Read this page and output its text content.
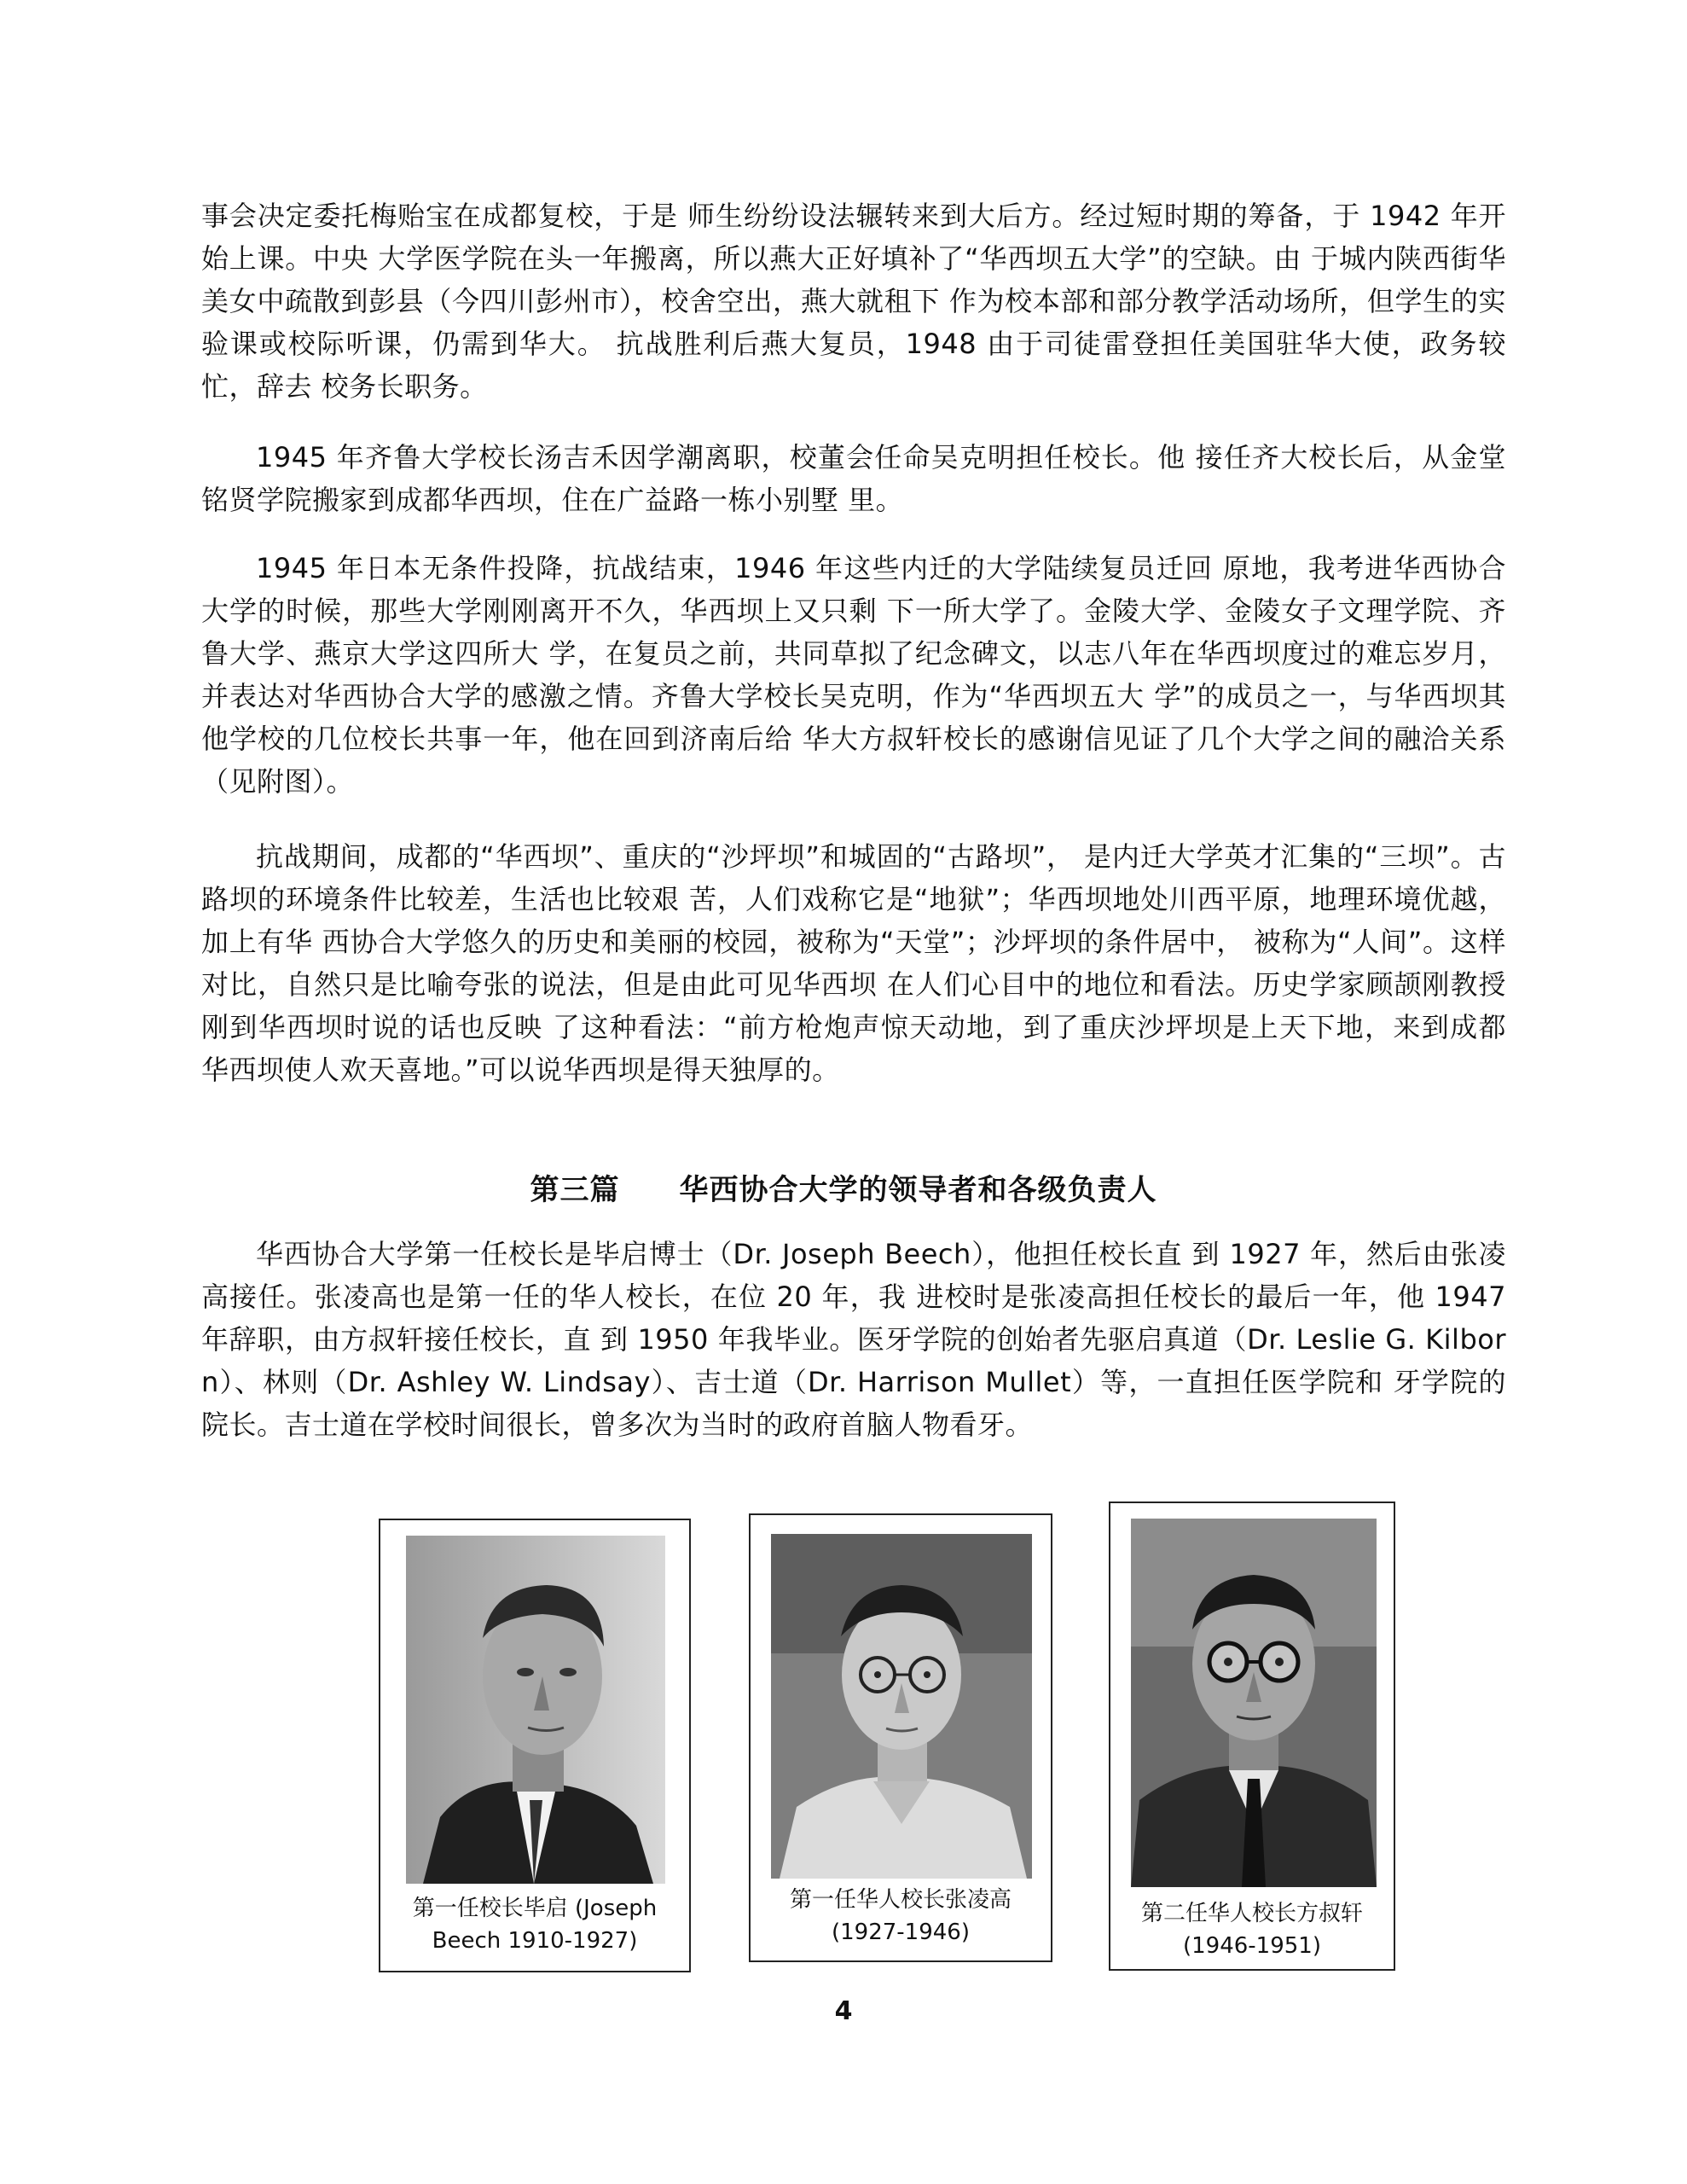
事会决定委托梅贻宝在成都复校，于是 师生纷纷设法辗转来到大后方。经过短时期的筹备，于 1942 年开始上课。中央 大学医学院在头一年搬离，所以燕大正好填补了“华西坝五大学”的空缺。由 于城内陕西街华美女中疏散到彭县（今四川彭州市），校舍空出，燕大就租下 作为校本部和部分教学活动场所，但学生的实验课或校际听课，仍需到华大。 抗战胜利后燕大复员，1948 由于司徒雷登担任美国驻华大使，政务较忙，辞去 校务长职务。

1945 年齐鲁大学校长汤吉禾因学潮离职，校董会任命吴克明担任校长。他 接任齐大校长后，从金堂铭贤学院搬家到成都华西坝，住在广益路一栋小别墅 里。

1945 年日本无条件投降，抗战结束，1946 年这些内迁的大学陆续复员迁回 原地，我考进华西协合大学的时候，那些大学刚刚离开不久，华西坝上又只剩 下一所大学了。金陵大学、金陵女子文理学院、齐鲁大学、燕京大学这四所大 学，在复员之前，共同草拟了纪念碑文，以志八年在华西坝度过的难忘岁月， 并表达对华西协合大学的感激之情。齐鲁大学校长吴克明，作为“华西坝五大 学”的成员之一，与华西坝其他学校的几位校长共事一年，他在回到济南后给 华大方叔轩校长的感谢信见证了几个大学之间的融洽关系（见附图）。

抗战期间，成都的“华西坝”、重庆的“沙坪坝”和城固的“古路坝”， 是内迁大学英才汇集的“三坝”。古路坝的环境条件比较差，生活也比较艰 苦，人们戏称它是“地狱”；华西坝地处川西平原，地理环境优越，加上有华 西协合大学悠久的历史和美丽的校园，被称为“天堂”；沙坪坝的条件居中， 被称为“人间”。这样对比，自然只是比喻夸张的说法，但是由此可见华西坝 在人们心目中的地位和看法。历史学家顾颉刚教授刚到华西坝时说的话也反映 了这种看法：“前方枪炮声惊天动地，到了重庆沙坪坝是上天下地，来到成都 华西坝使人欢天喜地。”可以说华西坝是得天独厚的。

第三篇 华西协合大学的领导者和各级负责人

华西协合大学第一任校长是毕启博士（Dr. Joseph Beech），他担任校长直 到 1927 年，然后由张凌高接任。张凌高也是第一任的华人校长，在位 20 年，我 进校时是张凌高担任校长的最后一年，他 1947 年辞职，由方叔轩接任校长，直 到 1950 年我毕业。医牙学院的创始者先驱启真道（Dr. Leslie G. Kilborn）、林则（Dr. Ashley W. Lindsay）、吉士道（Dr. Harrison Mullet）等，一直担任医学院和 牙学院的院长。吉士道在学校时间很长，曾多次为当时的政府首脑人物看牙。

第一任校长毕启 (Joseph
Beech 1910-1927)
第一任华人校长张凌高
(1927-1946)
第二任华人校长方叔轩
(1946-1951)
4
